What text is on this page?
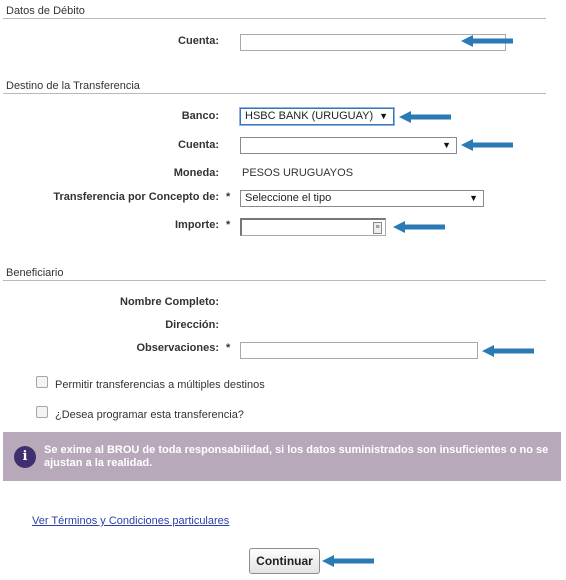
Datos de Débito
Cuenta:
Destino de la Transferencia
Banco:	HSBC BANK (URUGUAY) ▼
Cuenta:	▼
Moneda: PESOS URUGUAYOS
Transferencia por Concepto de: *	Seleccione el tipo	▼
Importe: *	≡
Beneficiario
Nombre Completo:
Dirección:
Observaciones: *
Permitir transferencias a múltiples destinos
¿Desea programar esta transferencia?
i	Se exime al BROU de toda responsabilidad, si los datos suministrados son insuficientes o no se ajustan a la realidad.
Ver Términos y Condiciones particulares
Continuar
